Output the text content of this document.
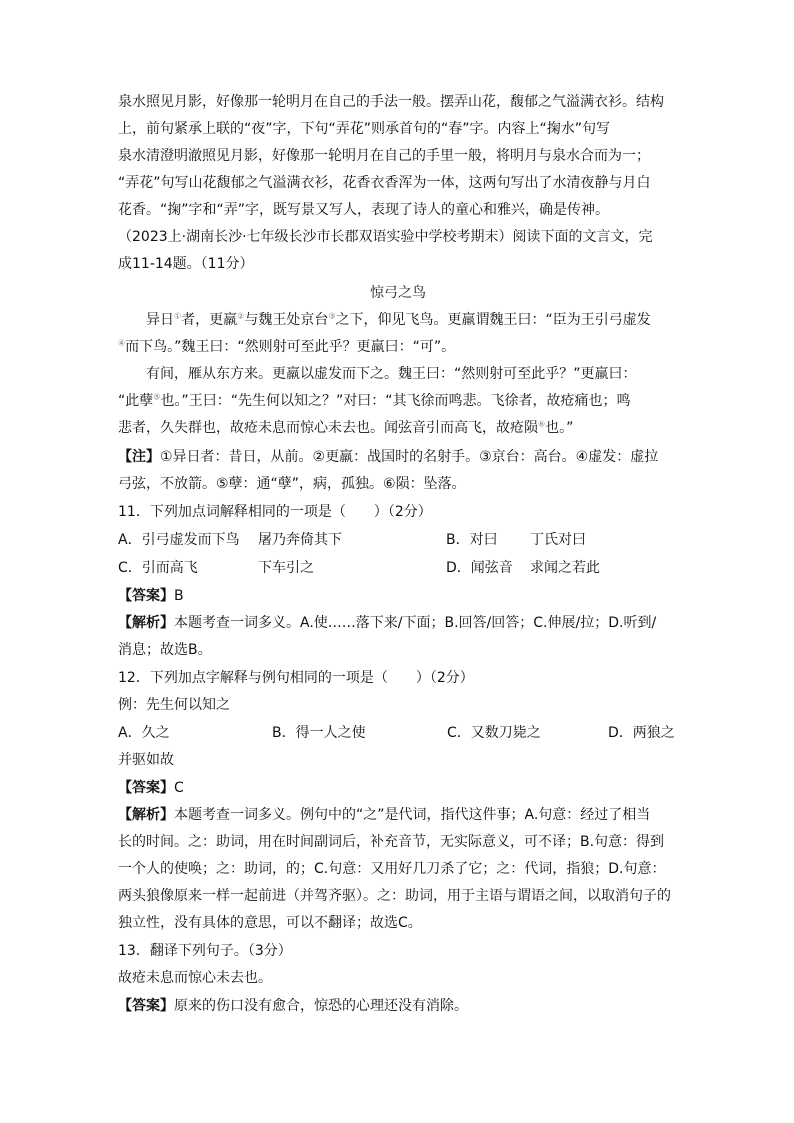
泉水照见月影，好像那一轮明月在自己的手法一般。摆弄山花，馥郁之气溢满衣衫。结构
上，前句紧承上联的“夜”字，下句“弄花”则承首句的“春”字。内容上“掬水”句写
泉水清澄明澈照见月影，好像那一轮明月在自己的手里一般，将明月与泉水合而为一；
“弄花”句写山花馥郁之气溢满衣衫，花香衣香浑为一体，这两句写出了水清夜静与月白
花香。“掬”字和“弄”字，既写景又写人，表现了诗人的童心和雅兴，确是传神。
（2023上·湖南长沙·七年级长沙市长郡双语实验中学校考期末）阅读下面的文言文，完
成11-14题。（11分）
惊弓之鸟
异日①者，更羸②与魏王处京台③之下，仰见飞鸟。更羸谓魏王曰：“臣为王引弓虚发
④而下鸟。”魏王曰：“然则射可至此乎？更羸曰：“可”。
有间，雁从东方来。更羸以虚发而下之。魏王曰：“然则射可至此乎？”更羸曰：
“此孽⑤也。”王曰：“先生何以知之？”对曰：“其飞徐而鸣悲。飞徐者，故疮痛也；鸣
悲者，久失群也，故疮未息而惊心未去也。闻弦音引而高飞，故疮陨⑥也。”
【注】①异日者：昔日，从前。②更羸：战国时的名射手。③京台：高台。④虚发：虚拉
弓弦，不放箭。⑤孽：通“孽”，病，孤独。⑥陨：坠落。
11．下列加点词解释相同的一项是（　　）（2分）
A．引弓虚发而下鸟 屠乃奔倚其下	B．对曰 丁氏对曰
C．引而高飞	下车引之	D．闻弦音 求闻之若此
【答案】B
【解析】本题考查一词多义。A.使……落下来/下面；B.回答/回答；C.伸展/拉；D.听到/
消息；故选B。
12．下列加点字解释与例句相同的一项是（　　）（2分）
例：先生何以知之
A．久之	B．得一人之使	C．又数刀毙之	D．两狼之
并驱如故
【答案】C
【解析】本题考查一词多义。例句中的“之”是代词，指代这件事；A.句意：经过了相当
长的时间。之：助词，用在时间副词后，补充音节，无实际意义，可不译；B.句意：得到
一个人的使唤；之：助词，的；C.句意：又用好几刀杀了它；之：代词，指狼；D.句意：
两头狼像原来一样一起前进（并驾齐驱）。之：助词，用于主语与谓语之间，以取消句子的
独立性，没有具体的意思，可以不翻译；故选C。
13．翻译下列句子。（3分）
故疮未息而惊心未去也。
【答案】原来的伤口没有愈合，惊恐的心理还没有消除。
